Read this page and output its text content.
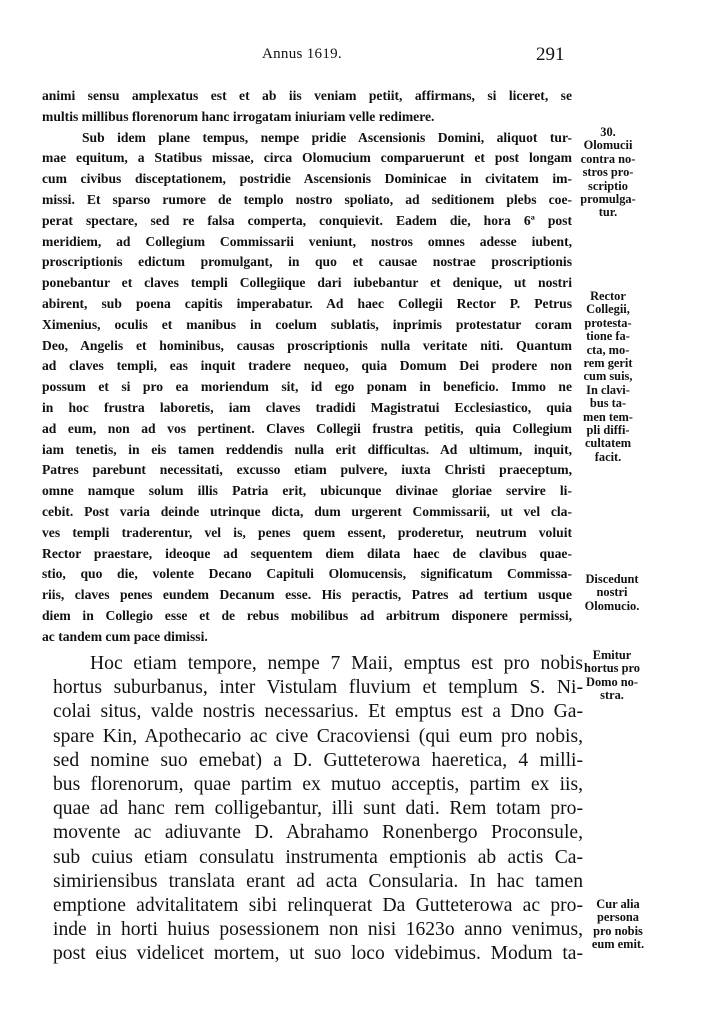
Annus 1619.	291
animi sensu amplexatus est et ab iis veniam petiit, affirmans, si liceret, se
multis millibus florenorum hanc irrogatam iniuriam velle redimere.
Sub idem plane tempus, nempe pridie Ascensionis Domini, aliquot tur-
mae equitum, a Statibus missae, circa Olomucium comparuerunt et post longam
cum civibus disceptationem, postridie Ascensionis Dominicae in civitatem im-
missi. Et sparso rumore de templo nostro spoliato, ad seditionem plebs coe-
perat spectare, sed re falsa comperta, conquievit. Eadem die, hora 6ª post
meridiem, ad Collegium Commissarii veniunt, nostros omnes adesse iubent,
proscriptionis edictum promulgant, in quo et causae nostrae proscriptionis
ponebantur et claves templi Collegiique dari iubebantur et denique, ut nostri
abirent, sub poena capitis imperabatur. Ad haec Collegii Rector P. Petrus
Ximenius, oculis et manibus in coelum sublatis, inprimis protestatur coram
Deo, Angelis et hominibus, causas proscriptionis nulla veritate niti. Quantum
ad claves templi, eas inquit tradere nequeo, quia Domum Dei prodere non
possum et si pro ea moriendum sit, id ego ponam in beneficio. Immo ne
in hoc frustra laboretis, iam claves tradidi Magistratui Ecclesiastico, quia
ad eum, non ad vos pertinent. Claves Collegii frustra petitis, quia Collegium
iam tenetis, in eis tamen reddendis nulla erit difficultas. Ad ultimum, inquit,
Patres parebunt necessitati, excusso etiam pulvere, iuxta Christi praeceptum,
omne namque solum illis Patria erit, ubicunque divinae gloriae servire li-
cebit. Post varia deinde utrinque dicta, dum urgerent Commissarii, ut vel cla-
ves templi traderentur, vel is, penes quem essent, proderetur, neutrum voluit
Rector praestare, ideoque ad sequentem diem dilata haec de clavibus quae-
stio, quo die, volente Decano Capituli Olomucensis, significatum Commissa-
riis, claves penes eundem Decanum esse. His peractis, Patres ad tertium usque
diem in Collegio esse et de rebus mobilibus ad arbitrum disponere permissi,
ac tandem cum pace dimissi.
Hoc etiam tempore, nempe 7 Maii, emptus est pro nobis
hortus suburbanus, inter Vistulam fluvium et templum S. Ni-
colai situs, valde nostris necessarius. Et emptus est a Dno Ga-
spare Kin, Apothecario ac cive Cracoviensi (qui eum pro nobis,
sed nomine suo emebat) a D. Gutteterowa haeretica, 4 milli-
bus florenorum, quae partim ex mutuo acceptis, partim ex iis,
quae ad hanc rem colligebantur, illi sunt dati. Rem totam pro-
movente ac adiuvante D. Abrahamo Ronenbergo Proconsule,
sub cuius etiam consulatu instrumenta emptionis ab actis Ca-
simiriensibus translata erant ad acta Consularia. In hac tamen
emptione advitalitatem sibi relinquerat Da Gutteterowa ac pro-
inde in horti huius posessionem non nisi 1623o anno venimus,
post eius videlicet mortem, ut suo loco videbimus. Modum ta-
30.
Olomucii
contra no-
stros pro-
scriptio
promulga-
tur.
Rector
Collegii,
protesta-
tione fa-
cta, mo-
rem gerit
cum suis,
In clavi-
bus ta-
men tem-
pli diffi-
cultatem
facit.
Discedunt
nostri
Olomucio.
Emitur
hortus pro
Domo no-
stra.
Cur alia
persona
pro nobis
eum emit.
